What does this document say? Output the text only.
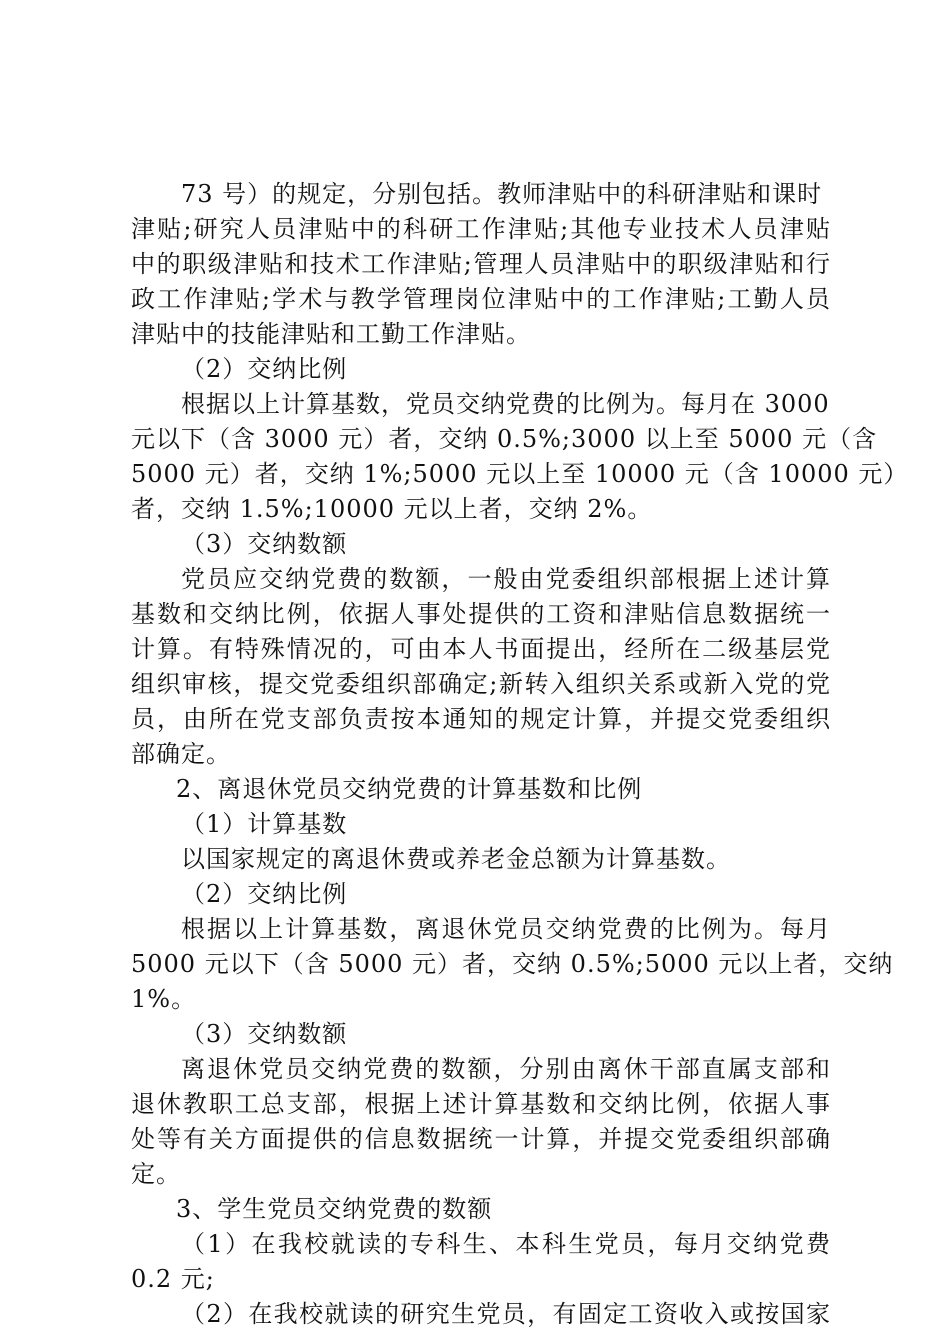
73 号）的规定，分别包括。教师津贴中的科研津贴和课时
津贴;研究人员津贴中的科研工作津贴;其他专业技术人员津贴
中的职级津贴和技术工作津贴;管理人员津贴中的职级津贴和行
政工作津贴;学术与教学管理岗位津贴中的工作津贴;工勤人员
津贴中的技能津贴和工勤工作津贴。
（2）交纳比例
根据以上计算基数，党员交纳党费的比例为。每月在 3000
元以下（含 3000 元）者，交纳 0.5%;3000 以上至 5000 元（含
5000 元）者，交纳 1%;5000 元以上至 10000 元（含 10000 元）
者，交纳 1.5%;10000 元以上者，交纳 2%。
（3）交纳数额
党员应交纳党费的数额，一般由党委组织部根据上述计算
基数和交纳比例，依据人事处提供的工资和津贴信息数据统一
计算。有特殊情况的，可由本人书面提出，经所在二级基层党
组织审核，提交党委组织部确定;新转入组织关系或新入党的党
员，由所在党支部负责按本通知的规定计算，并提交党委组织
部确定。
2、离退休党员交纳党费的计算基数和比例
（1）计算基数
以国家规定的离退休费或养老金总额为计算基数。
（2）交纳比例
根据以上计算基数，离退休党员交纳党费的比例为。每月
5000 元以下（含 5000 元）者，交纳 0.5%;5000 元以上者，交纳
1%。
（3）交纳数额
离退休党员交纳党费的数额，分别由离休干部直属支部和
退休教职工总支部，根据上述计算基数和交纳比例，依据人事
处等有关方面提供的信息数据统一计算，并提交党委组织部确
定。
3、学生党员交纳党费的数额
（1）在我校就读的专科生、本科生党员，每月交纳党费
0.2 元;
（2）在我校就读的研究生党员，有固定工资收入或按国家
